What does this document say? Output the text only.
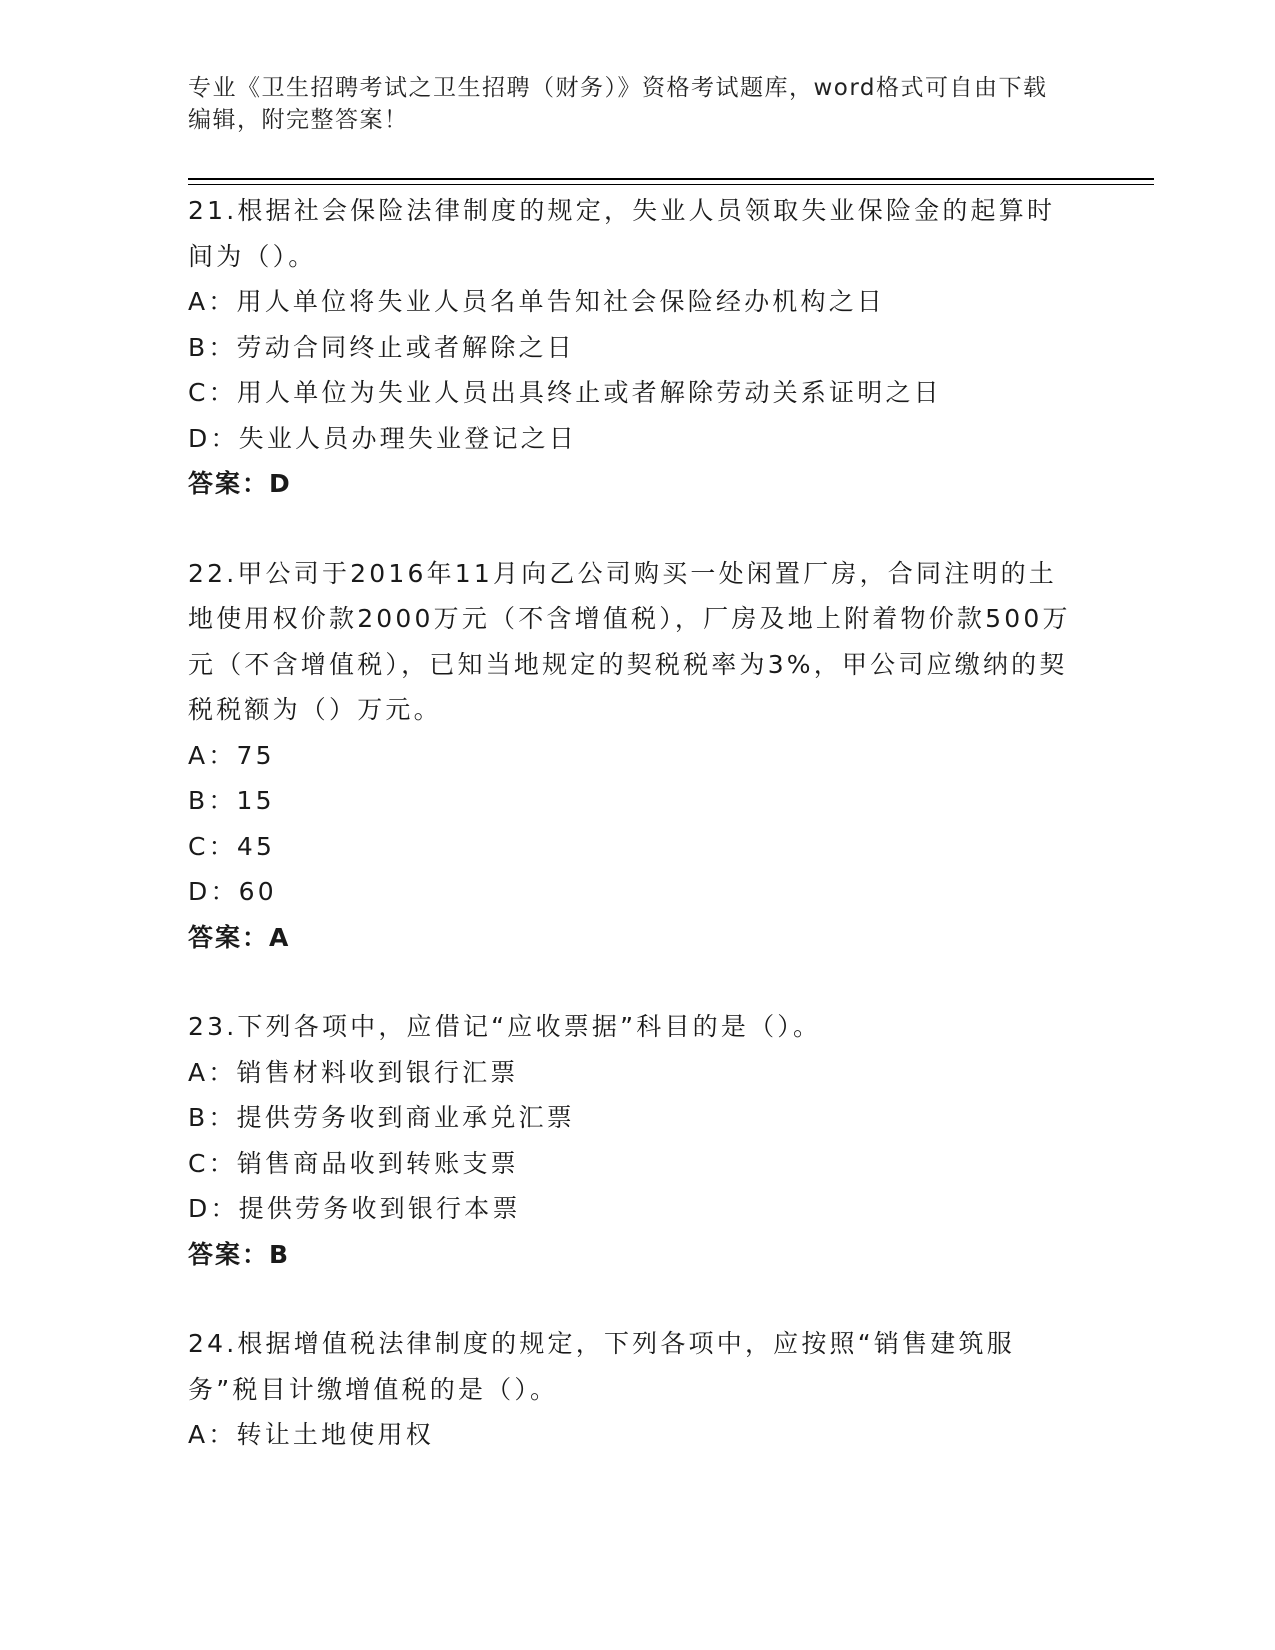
专业《卫生招聘考试之卫生招聘（财务）》资格考试题库，word格式可自由下载
编辑，附完整答案！
21.根据社会保险法律制度的规定，失业人员领取失业保险金的起算时间为（）。
A：用人单位将失业人员名单告知社会保险经办机构之日
B：劳动合同终止或者解除之日
C：用人单位为失业人员出具终止或者解除劳动关系证明之日
D：失业人员办理失业登记之日
答案：D
22.甲公司于2016年11月向乙公司购买一处闲置厂房，合同注明的土地使用权价款2000万元（不含增值税），厂房及地上附着物价款500万元（不含增值税），已知当地规定的契税税率为3%，甲公司应缴纳的契税税额为（）万元。
A：75
B：15
C：45
D：60
答案：A
23.下列各项中，应借记“应收票据”科目的是（）。
A：销售材料收到银行汇票
B：提供劳务收到商业承兑汇票
C：销售商品收到转账支票
D：提供劳务收到银行本票
答案：B
24.根据增值税法律制度的规定，下列各项中，应按照“销售建筑服务”税目计缴增值税的是（）。
A：转让土地使用权
